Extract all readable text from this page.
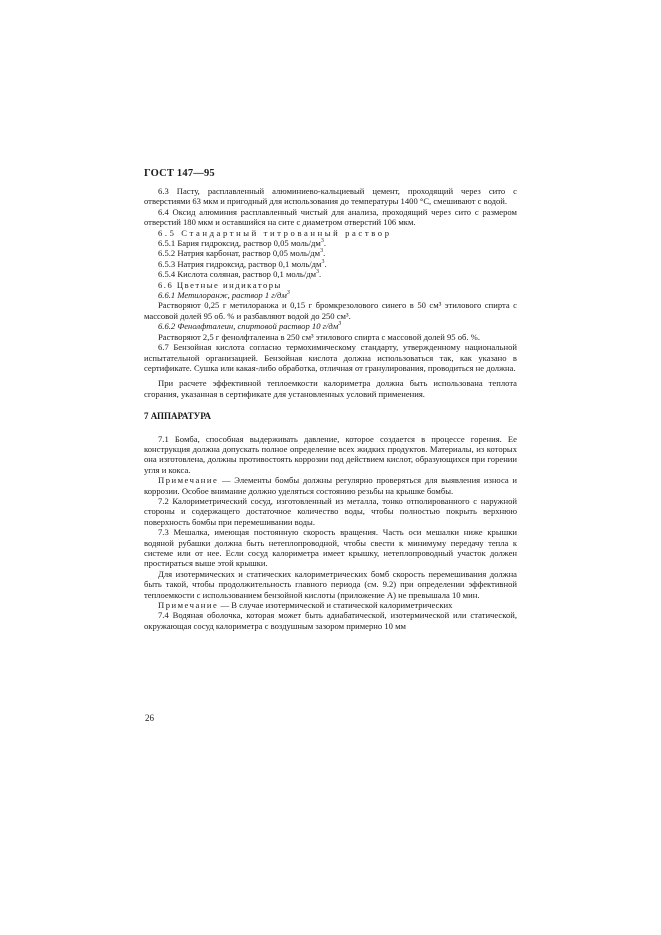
ГОСТ 147—95

6.3 Пасту, расплавленный алюминиево-кальциевый цемент, проходящий через сито с отверстиями 63 мкм и пригодный для использования до температуры 1400 °С, смешивают с водой.

6.4 Оксид алюминия расплавленный чистый для анализа, проходящий через сито с размером отверстий 180 мкм и оставшийся на сите с диаметром отверстий 106 мкм.

6.5 Стандартный титрованный раствор

6.5.1 Бария гидроксид, раствор 0,05 моль/$дм^3$.

6.5.2 Натрия карбонат, раствор 0,05 моль/$дм^3$.

6.5.3 Натрия гидроксид, раствор 0,1 моль/$дм^3$.

6.5.4 Кислота соляная, раствор 0,1 моль/$дм^3$.

6.6 Цветные индикаторы

6.6.1 Метилоранж, раствор 1 $г/дм^3$

Растворяют 0,25 г метилоранжа и 0,15 г бромкрезолового синего в 50 см³ этилового спирта с массовой долей 95 об. % и разбавляют водой до 250 см³.

6.6.2 Фенолфталеин, спиртовой раствор 10 $г/дм^3$

Растворяют 2,5 г фенолфталеина в 250 см³ этилового спирта с массовой долей 95 об. %.

6.7 Бензойная кислота согласно термохимическому стандарту, утвержденному национальной испытательной организацией. Бензойная кислота должна использоваться так, как указано в сертификате. Сушка или какая-либо обработка, отличная от гранулирования, проводиться не должна.

При расчете эффективной теплоемкости калориметра должна быть использована теплота сгорания, указанная в сертификате для установленных условий применения.

7 АППАРАТУРА

7.1 Бомба, способная выдерживать давление, которое создается в процессе горения. Ее конструкция должна допускать полное определение всех жидких продуктов. Материалы, из которых она изготовлена, должны противостоять коррозии под действием кислот, образующихся при горении угля и кокса.

Примечание — Элементы бомбы должны регулярно проверяться для выявления износа и коррозии. Особое внимание должно уделяться состоянию резьбы на крышке бомбы.

7.2 Калориметрический сосуд, изготовленный из металла, тонко отполированного с наружной стороны и содержащего достаточное количество воды, чтобы полностью покрыть верхнюю поверхность бомбы при перемешивании воды.

7.3 Мешалка, имеющая постоянную скорость вращения. Часть оси мешалки ниже крышки водяной рубашки должна быть нетеплопроводной, чтобы свести к минимуму передачу тепла к системе или от нее. Если сосуд калориметра имеет крышку, нетеплопроводный участок должен простираться выше этой крышки.

Для изотермических и статических калориметрических бомб скорость перемешивания должна быть такой, чтобы продолжительность главного периода (см. 9.2) при определении эффективной теплоемкости с использованием бензойной кислоты (приложение А) не превышала 10 мин.

Примечание — В случае изотермической и статической калориметрических

7.4 Водяная оболочка, которая может быть адиабатической, изотермической или статической, окружающая сосуд калориметра с воздушным зазором примерно 10 мм

26
